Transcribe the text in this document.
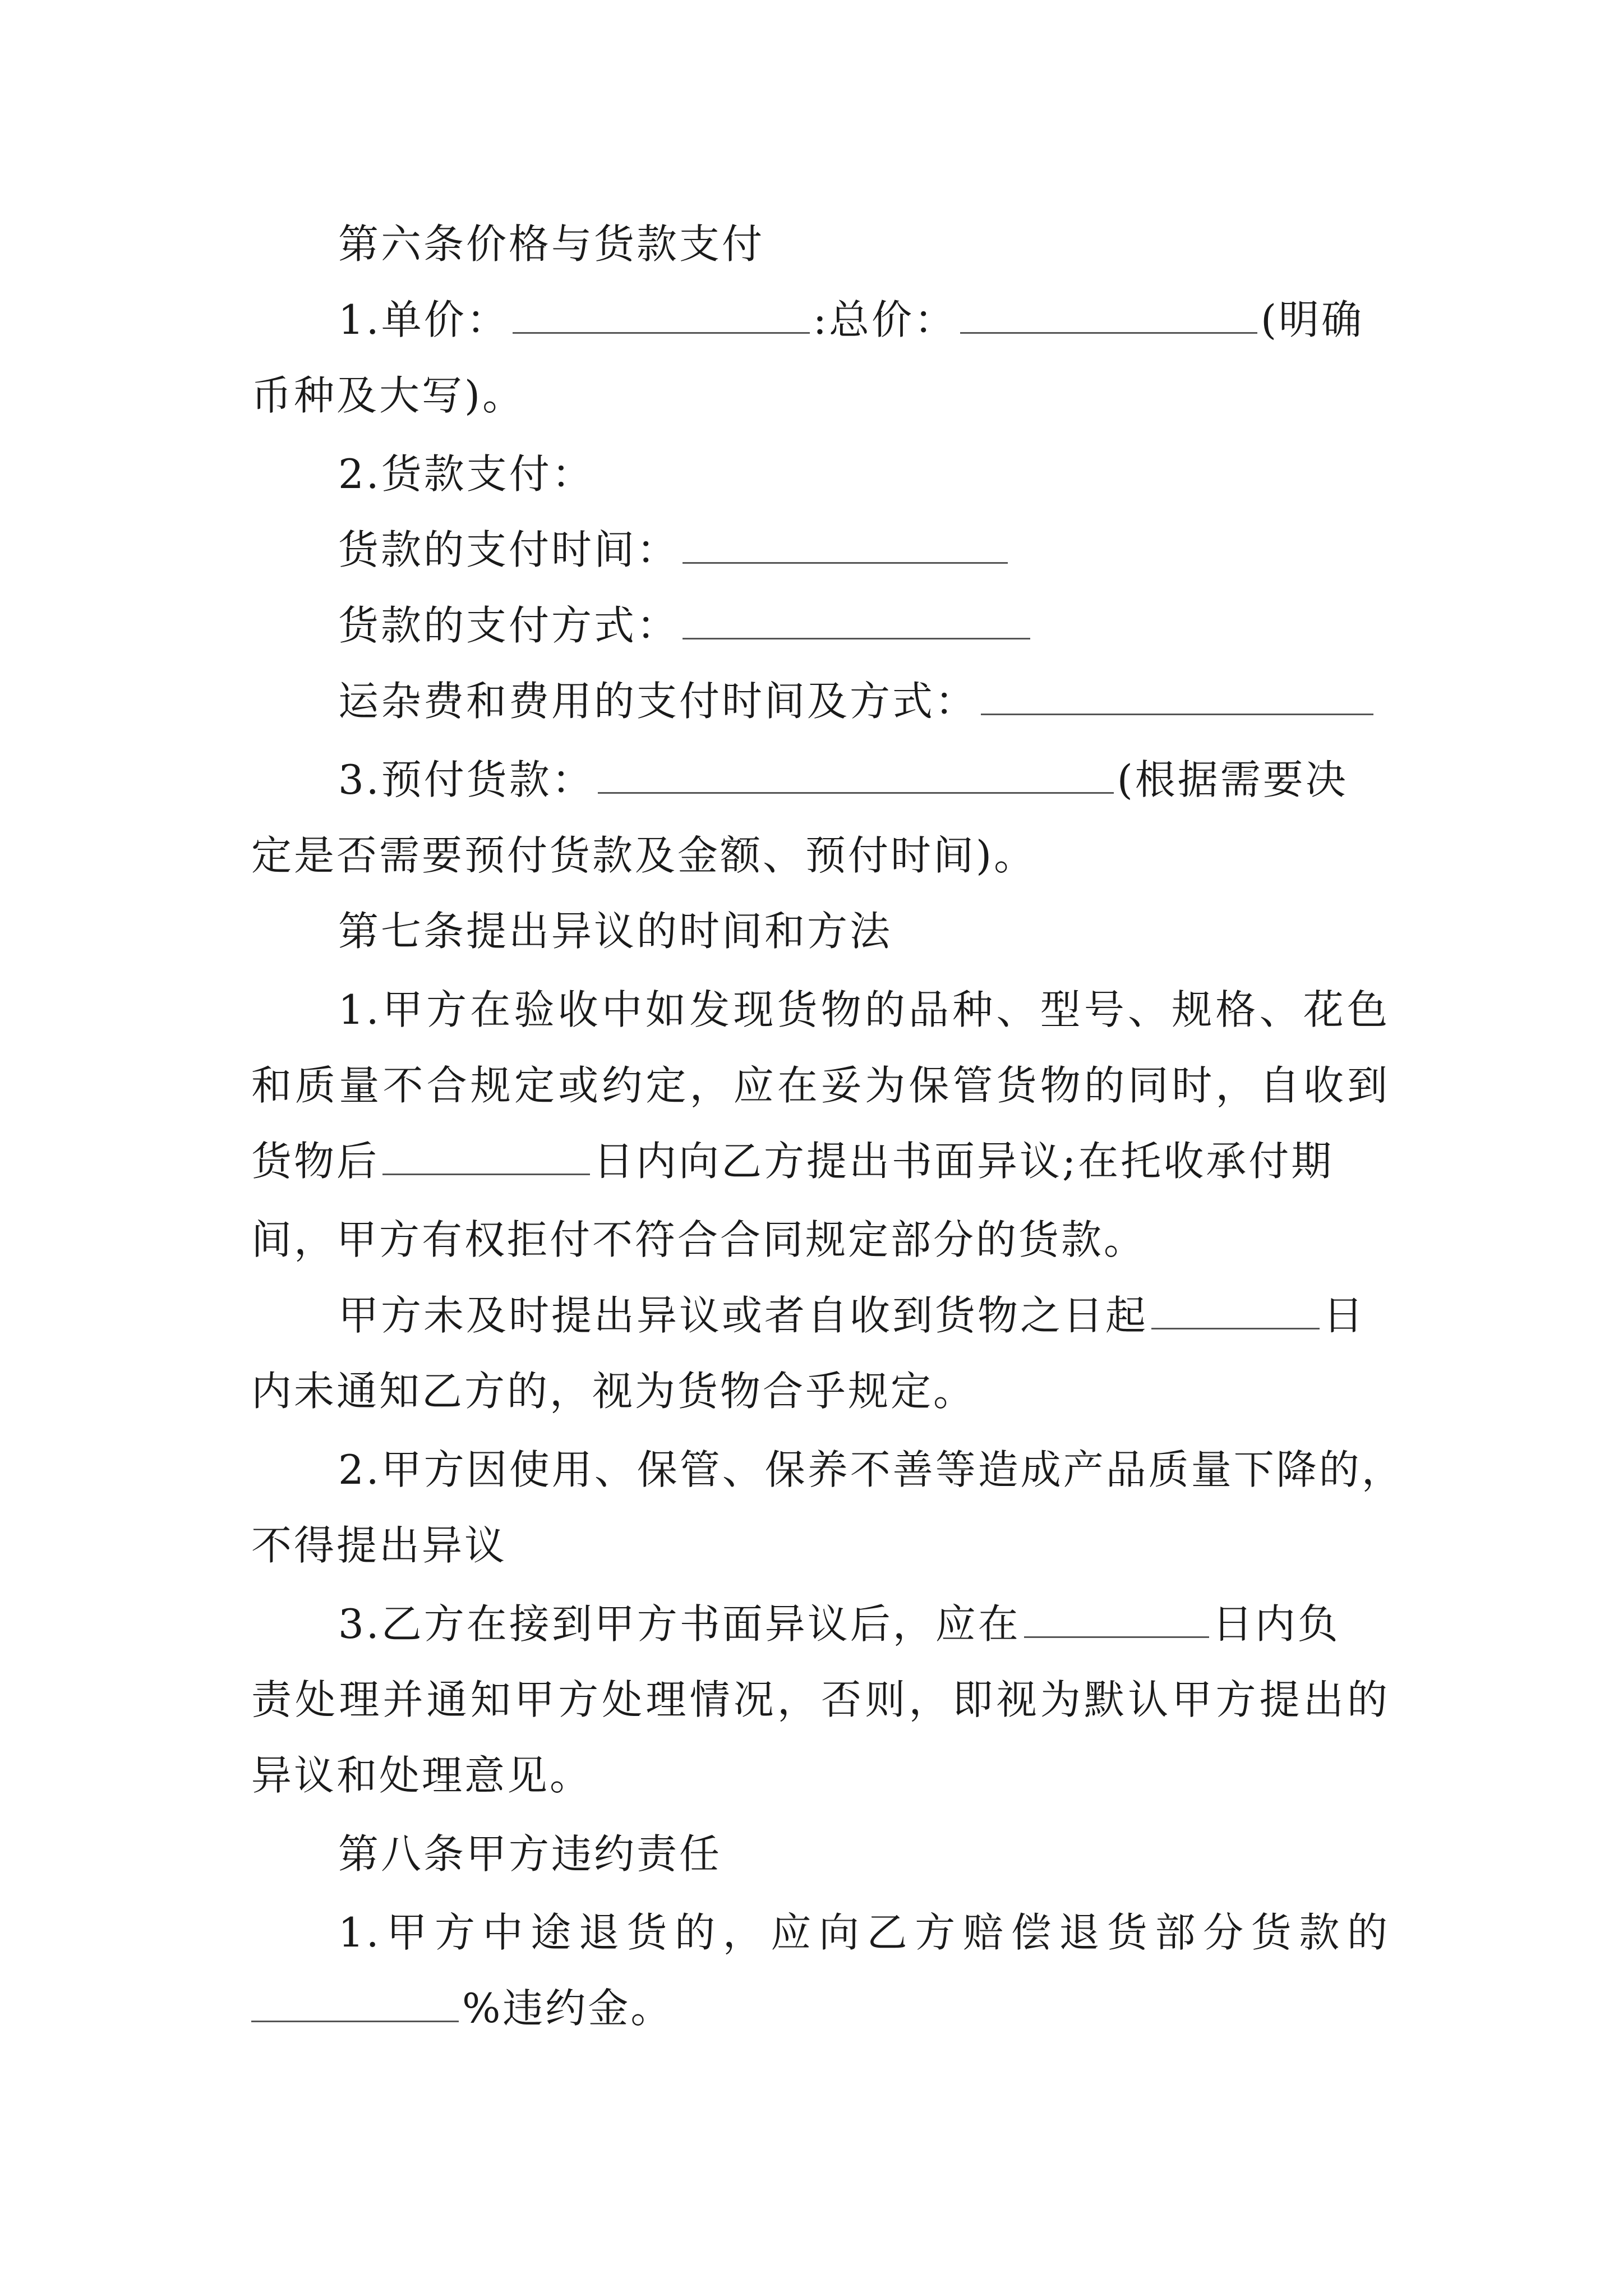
第六条价格与货款支付
1.单价：	:总价：	(明确
币种及大写)。
2.货款支付：
货款的支付时间：
货款的支付方式：
运杂费和费用的支付时间及方式：
3.预付货款：	(根据需要决
定是否需要预付货款及金额、预付时间)。
第七条提出异议的时间和方法
1.甲方在验收中如发现货物的品种、型号、规格、花色
和质量不合规定或约定，应在妥为保管货物的同时，自收到
货物后	日内向乙方提出书面异议;在托收承付期
间，甲方有权拒付不符合合同规定部分的货款。
甲方未及时提出异议或者自收到货物之日起	日
内未通知乙方的，视为货物合乎规定。
2.甲方因使用、保管、保养不善等造成产品质量下降的，
不得提出异议
3.乙方在接到甲方书面异议后，应在	日内负
责处理并通知甲方处理情况，否则，即视为默认甲方提出的
异议和处理意见。
第八条甲方违约责任
1.甲方中途退货的，应向乙方赔偿退货部分货款的
%违约金。
